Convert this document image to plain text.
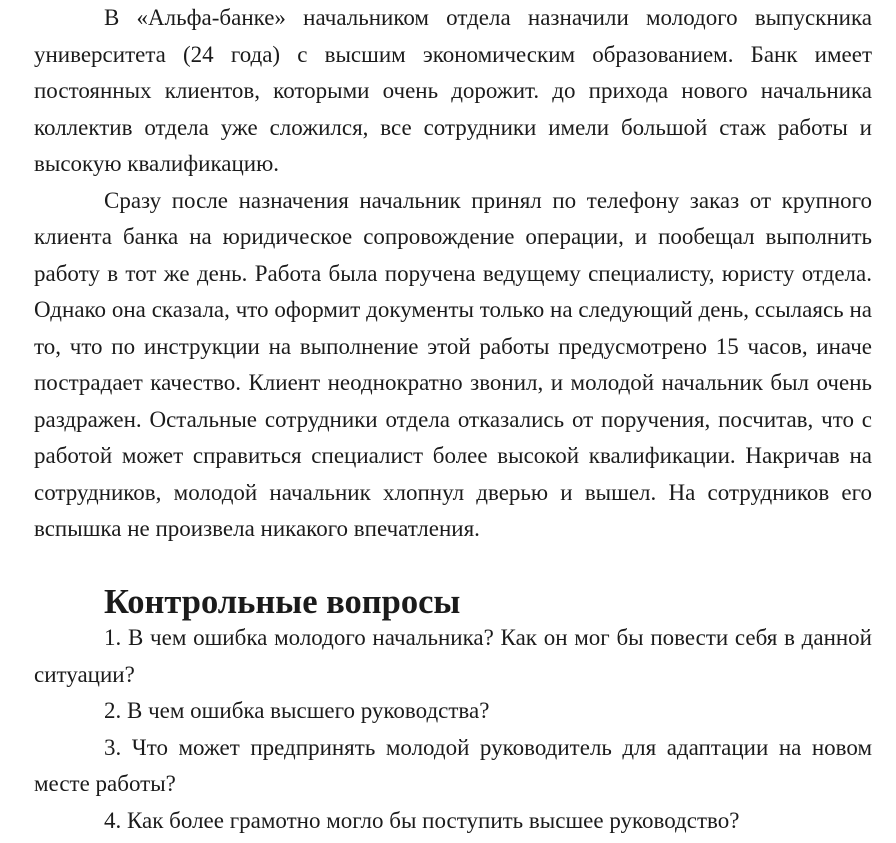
В «Альфа-банке» начальником отдела назначили молодого выпускника университета (24 года) с высшим экономическим образованием. Банк имеет постоянных клиентов, которыми очень дорожит. до прихода нового начальника коллектив отдела уже сложился, все сотрудники имели большой стаж работы и высокую квалификацию.

Сразу после назначения начальник принял по телефону заказ от крупного клиента банка на юридическое сопровождение операции, и пообещал выполнить работу в тот же день. Работа была поручена ведущему специалисту, юристу отдела. Однако она сказала, что оформит документы только на следующий день, ссылаясь на то, что по инструкции на выполнение этой работы предусмотрено 15 часов, иначе пострадает качество. Клиент неоднократно звонил, и молодой начальник был очень раздражен. Остальные сотрудники отдела отказались от поручения, посчитав, что с работой может справиться специалист более высокой квалификации. Накричав на сотрудников, молодой начальник хлопнул дверью и вышел. На сотрудников его вспышка не произвела никакого впечатления.

Контрольные вопросы
1. В чем ошибка молодого начальника? Как он мог бы повести себя в данной ситуации?
2. В чем ошибка высшего руководства?
3. Что может предпринять молодой руководитель для адаптации на новом месте работы?
4. Как более грамотно могло бы поступить высшее руководство?
